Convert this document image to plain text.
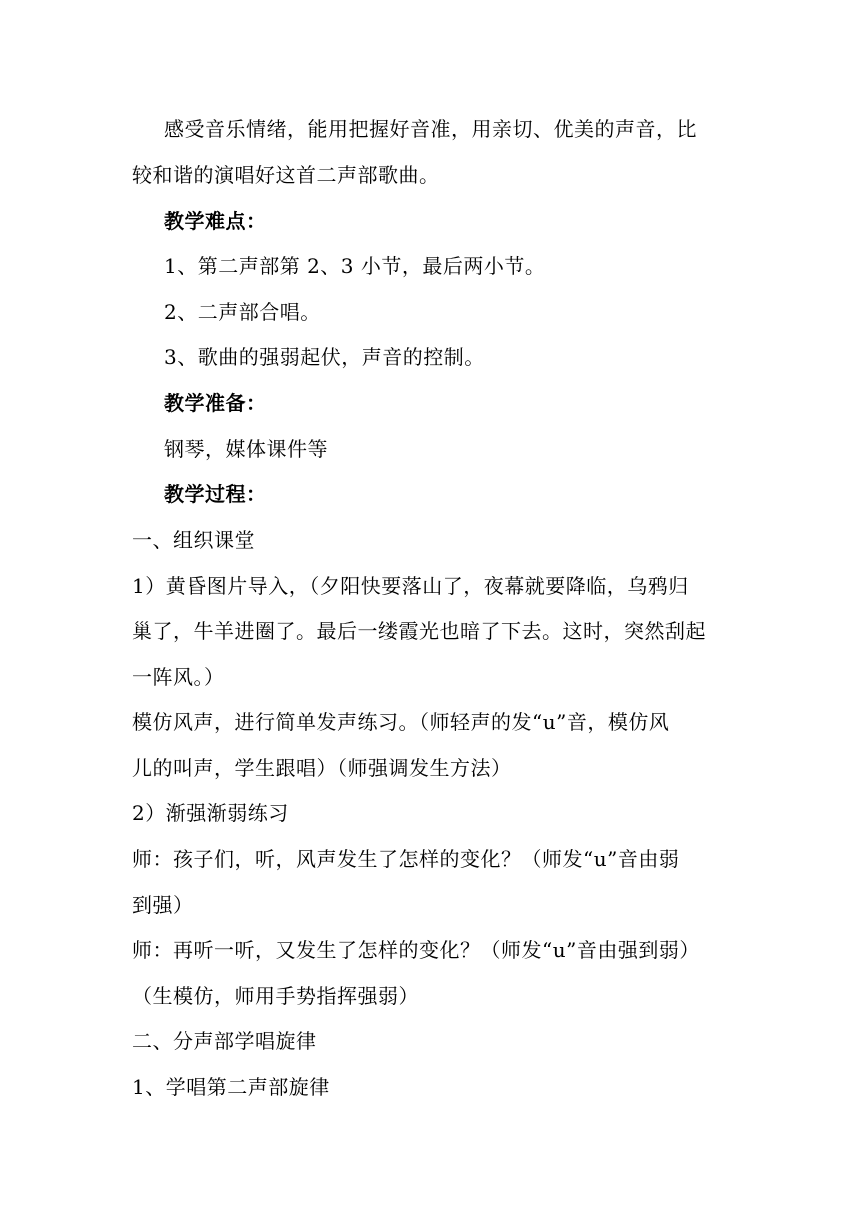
感受音乐情绪，能用把握好音准，用亲切、优美的声音，比
较和谐的演唱好这首二声部歌曲。
教学难点：
1、第二声部第 2、3 小节，最后两小节。
2、二声部合唱。
3、歌曲的强弱起伏，声音的控制。
教学准备：
钢琴，媒体课件等
教学过程：
一、组织课堂
1）黄昏图片导入，（夕阳快要落山了，夜幕就要降临，乌鸦归
巢了，牛羊进圈了。最后一缕霞光也暗了下去。这时，突然刮起
一阵风。）
模仿风声，进行简单发声练习。（师轻声的发“u”音，模仿风
儿的叫声，学生跟唱）（师强调发生方法）
2）渐强渐弱练习
师：孩子们，听，风声发生了怎样的变化？（师发“u”音由弱
到强）
师：再听一听，又发生了怎样的变化？（师发“u”音由强到弱）
（生模仿，师用手势指挥强弱）
二、分声部学唱旋律
1、学唱第二声部旋律
